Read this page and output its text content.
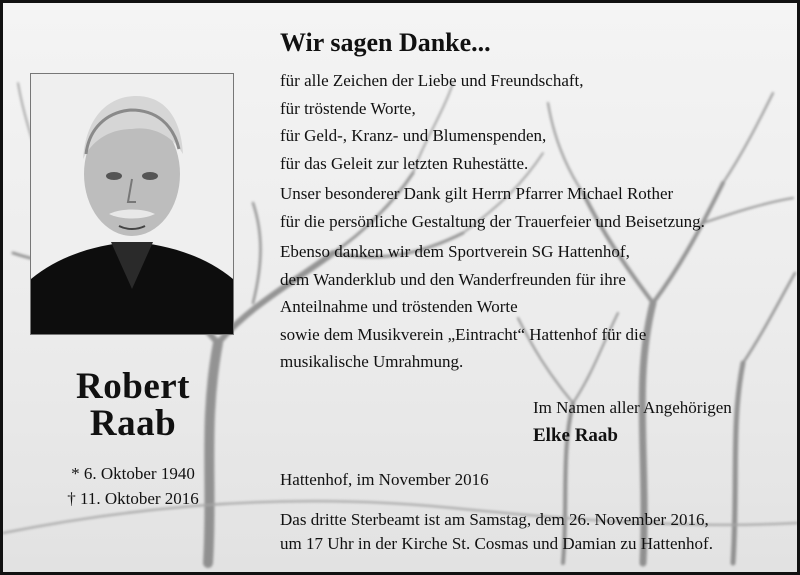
Robert
Raab
* 6. Oktober 1940
† 11. Oktober 2016
Wir sagen Danke...
für alle Zeichen der Liebe und Freundschaft,
für tröstende Worte,
für Geld-, Kranz- und Blumenspenden,
für das Geleit zur letzten Ruhestätte.
Unser besonderer Dank gilt Herrn Pfarrer Michael Rother
für die persönliche Gestaltung der Trauerfeier und Beisetzung.
Ebenso danken wir dem Sportverein SG Hattenhof,
dem Wanderklub und den Wanderfreunden für ihre
Anteilnahme und tröstenden Worte
sowie dem Musikverein „Eintracht“ Hattenhof für die
musikalische Umrahmung.
Im Namen aller Angehörigen
Elke Raab
Hattenhof, im November 2016
Das dritte Sterbeamt ist am Samstag, dem 26. November 2016,
um 17 Uhr in der Kirche St. Cosmas und Damian zu Hattenhof.
